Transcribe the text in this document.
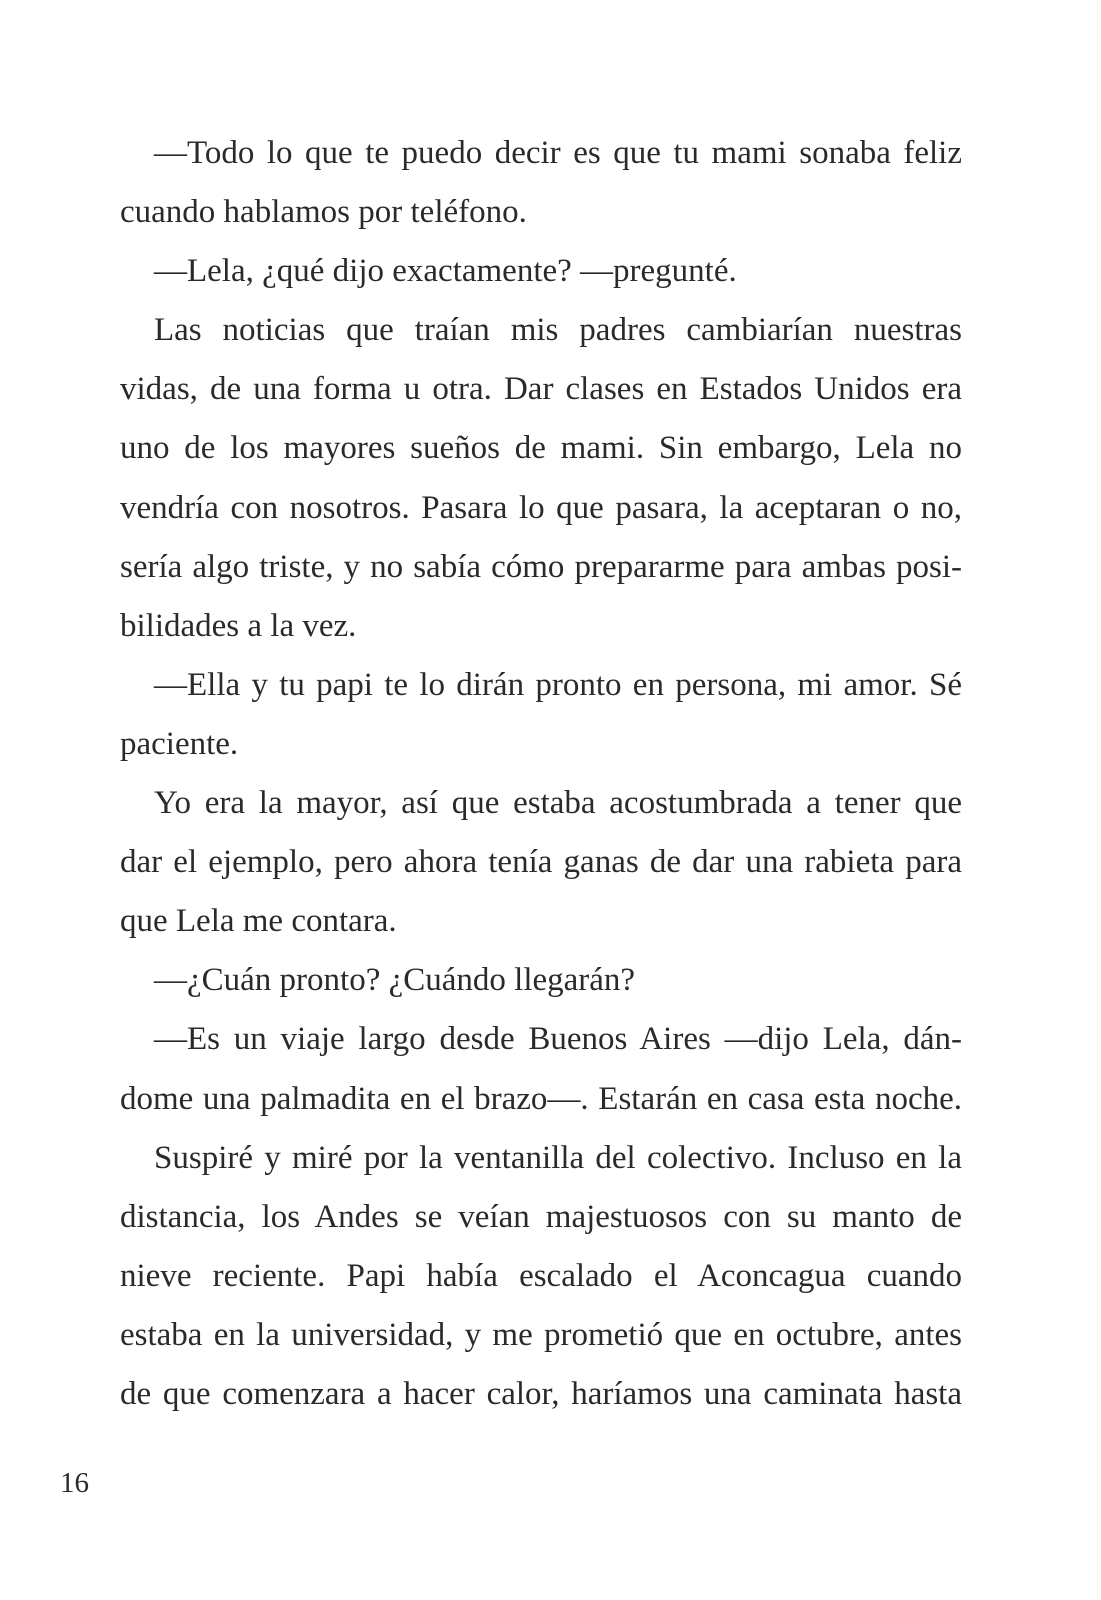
—Todo lo que te puedo decir es que tu mami sonaba feliz
cuando hablamos por teléfono.
—Lela, ¿qué dijo exactamente? —pregunté.
Las noticias que traían mis padres cambiarían nuestras
vidas, de una forma u otra. Dar clases en Estados Unidos era
uno de los mayores sueños de mami. Sin embargo, Lela no
vendría con nosotros. Pasara lo que pasara, la aceptaran o no,
sería algo triste, y no sabía cómo prepararme para ambas posi-
bilidades a la vez.
—Ella y tu papi te lo dirán pronto en persona, mi amor. Sé
paciente.
Yo era la mayor, así que estaba acostumbrada a tener que
dar el ejemplo, pero ahora tenía ganas de dar una rabieta para
que Lela me contara.
—¿Cuán pronto? ¿Cuándo llegarán?
—Es un viaje largo desde Buenos Aires —dijo Lela, dán-
dome una palmadita en el brazo—. Estarán en casa esta noche.
Suspiré y miré por la ventanilla del colectivo. Incluso en la
distancia, los Andes se veían majestuosos con su manto de
nieve reciente. Papi había escalado el Aconcagua cuando
estaba en la universidad, y me prometió que en octubre, antes
de que comenzara a hacer calor, haríamos una caminata hasta
16
